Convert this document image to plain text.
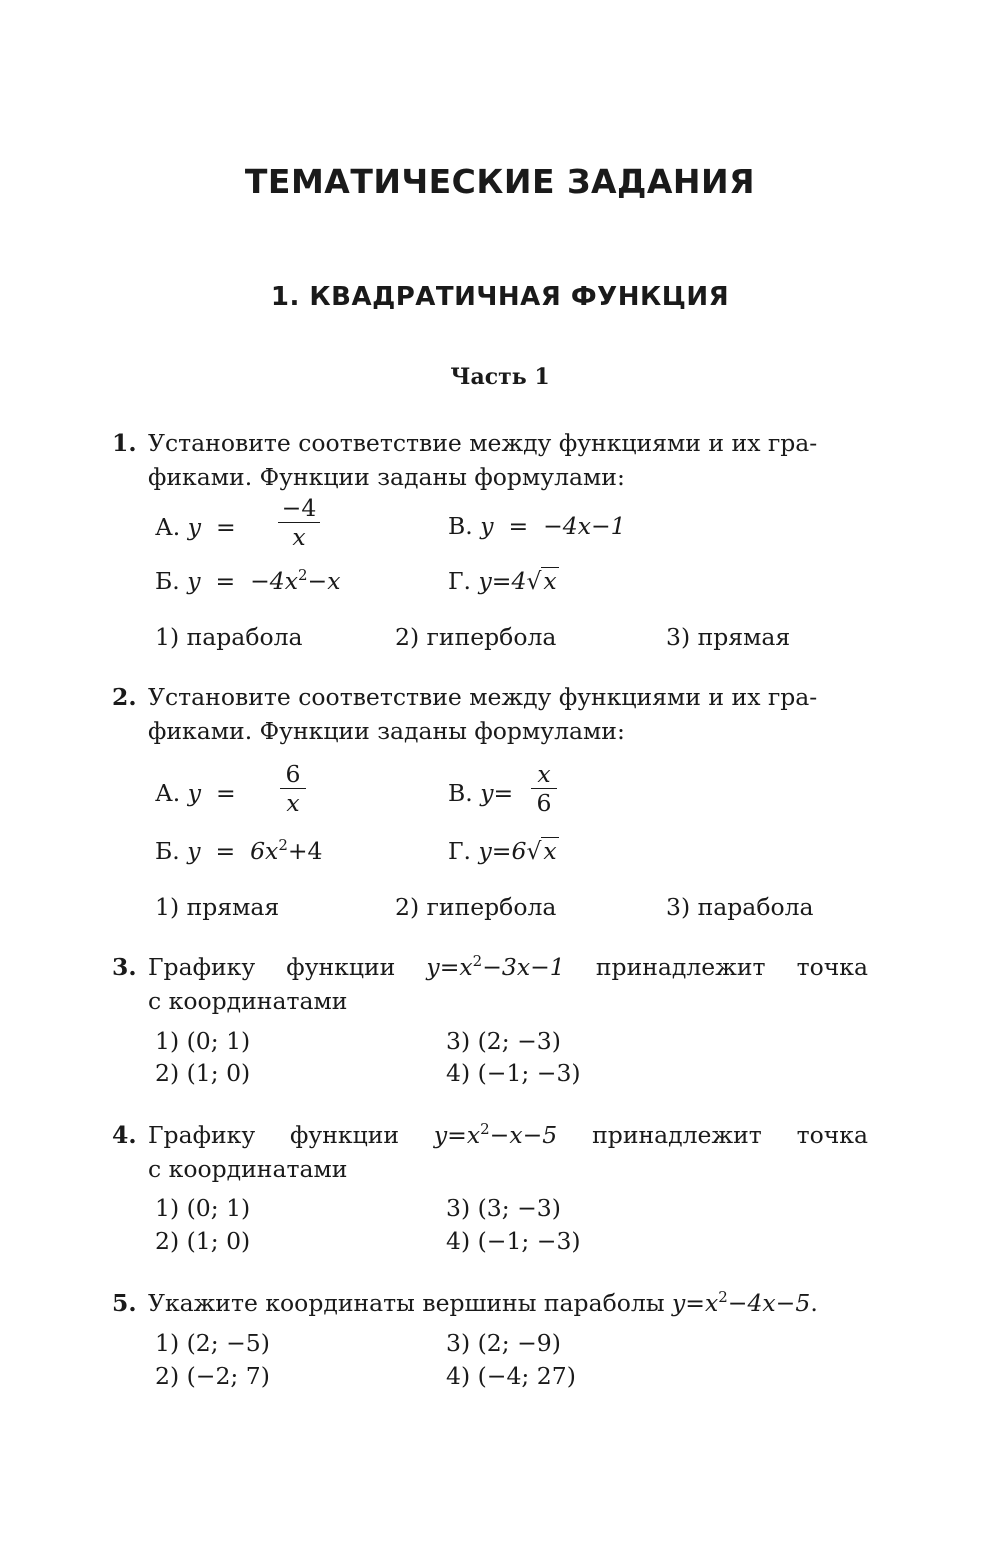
ТЕМАТИЧЕСКИЕ ЗАДАНИЯ
1. КВАДРАТИЧНАЯ ФУНКЦИЯ
Часть 1
1. Установите соответствие между функциями и их гра-
фиками. Функции заданы формулами:
А. $y = \frac{-4}{x}$	В. y  =  −4x−1
Б. $y = -4x^2-x$	Г. y=4√x
1) парабола	2) гипербола	3) прямая
2. Установите соответствие между функциями и их гра-
фиками. Функции заданы формулами:
А. $y = \frac{6}{x}$	В. $y= \frac{x}{6}$
Б. $y = 6x^2+4$	Г. y=6√x
1) прямая	2) гипербола	3) парабола
3. Графику функции $y=x^2-3x-1$ принадлежит точка
с координатами
1) (0; 1)
2) (1; 0)
3) (2; −3)
4) (−1; −3)
4. Графику функции $y=x^2-x-5$ принадлежит точка
с координатами
1) (0; 1)
2) (1; 0)
3) (3; −3)
4) (−1; −3)
5. Укажите координаты вершины параболы $y=x^2-4x-5$.
1) (2; −5)
2) (−2; 7)
3) (2; −9)
4) (−4; 27)
